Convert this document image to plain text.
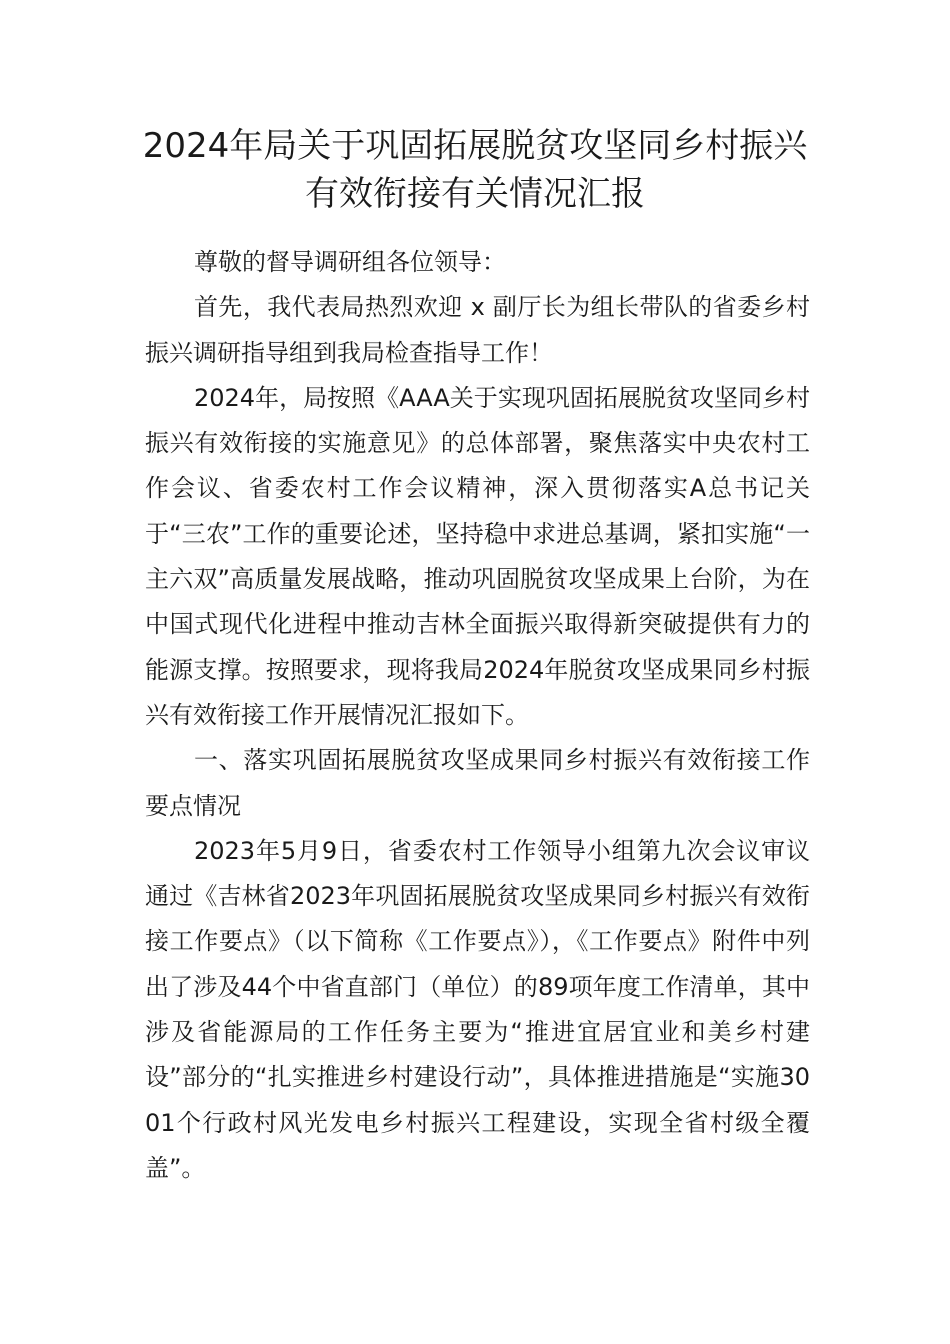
2024年局关于巩固拓展脱贫攻坚同乡村振兴有效衔接有关情况汇报

尊敬的督导调研组各位领导：

首先，我代表局热烈欢迎 x 副厅长为组长带队的省委乡村振兴调研指导组到我局检查指导工作！

2024年，局按照《AAA关于实现巩固拓展脱贫攻坚同乡村振兴有效衔接的实施意见》的总体部署，聚焦落实中央农村工作会议、省委农村工作会议精神，深入贯彻落实A总书记关于“三农”工作的重要论述，坚持稳中求进总基调，紧扣实施“一主六双”高质量发展战略，推动巩固脱贫攻坚成果上台阶，为在中国式现代化进程中推动吉林全面振兴取得新突破提供有力的能源支撑。按照要求，现将我局2024年脱贫攻坚成果同乡村振兴有效衔接工作开展情况汇报如下。

一、落实巩固拓展脱贫攻坚成果同乡村振兴有效衔接工作要点情况

2023年5月9日，省委农村工作领导小组第九次会议审议通过《吉林省2023年巩固拓展脱贫攻坚成果同乡村振兴有效衔接工作要点》（以下简称《工作要点》），《工作要点》附件中列出了涉及44个中省直部门（单位）的89项年度工作清单，其中涉及省能源局的工作任务主要为“推进宜居宜业和美乡村建设”部分的“扎实推进乡村建设行动”，具体推进措施是“实施3001个行政村风光发电乡村振兴工程建设，实现全省村级全覆盖”。
